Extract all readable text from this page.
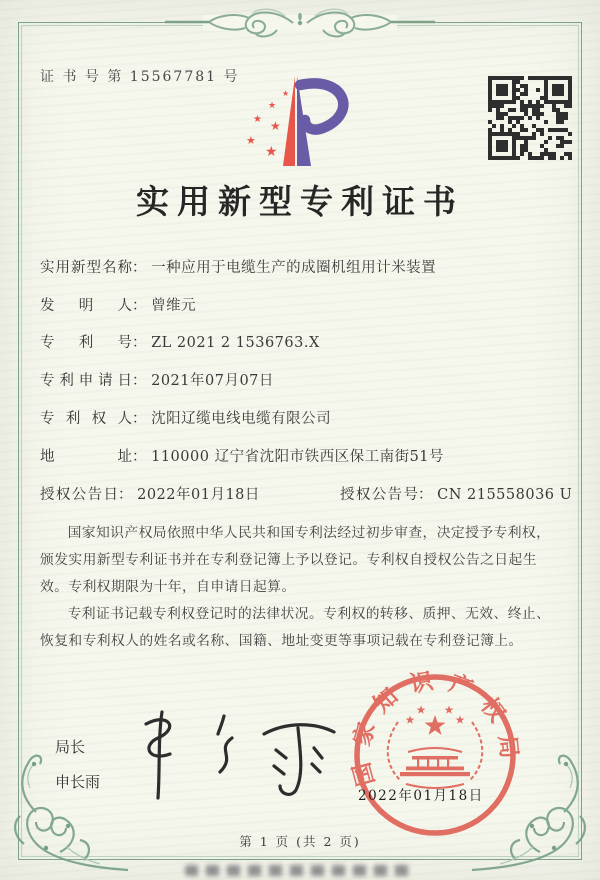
证 书 号 第 15567781 号
★
★
★ ★
★
★
实用新型专利证书
实用新型名称： 一种应用于电缆生产的成圈机组用计米装置
发明人： 曾维元
专利号： ZL 2021 2 1536763.X
专利申请日： 2021年07月07日
专利权人： 沈阳辽缆电线电缆有限公司
地址： 110000 辽宁省沈阳市铁西区保工南街51号
授权公告日： 2022年01月18日	授权公告号： CN 215558036 U

国家知识产权局依照中华人民共和国专利法经过初步审查，决定授予专利权，颁发实用新型专利证书并在专利登记簿上予以登记。专利权自授权公告之日起生效。专利权期限为十年，自申请日起算。

专利证书记载专利权登记时的法律状况。专利权的转移、质押、无效、终止、恢复和专利权人的姓名或名称、国籍、地址变更等事项记载在专利登记簿上。

局长
申长雨	国家知识产权局
2022年01月18日
第 1 页 (共 2 页)
